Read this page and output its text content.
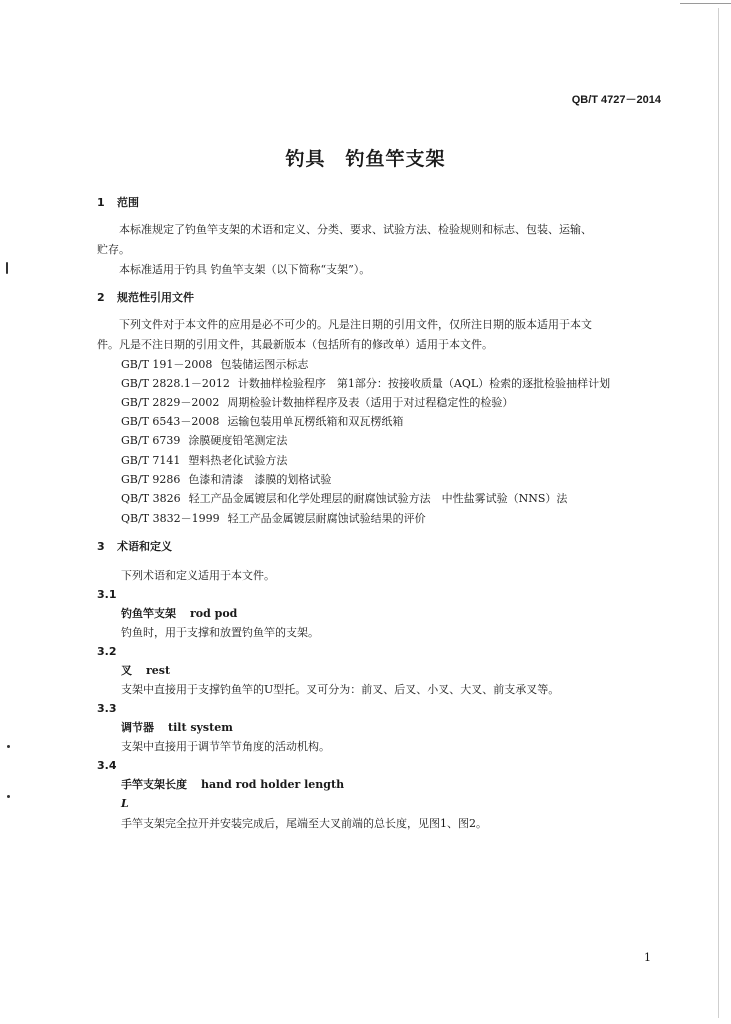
QB/T 4727－2014
钓具　钓鱼竿支架
1 范围
本标准规定了钓鱼竿支架的术语和定义、分类、要求、试验方法、检验规则和标志、包装、运输、
贮存。
本标准适用于钓具 钓鱼竿支架（以下简称“支架”）。
2 规范性引用文件
下列文件对于本文件的应用是必不可少的。凡是注日期的引用文件，仅所注日期的版本适用于本文
件。凡是不注日期的引用文件，其最新版本（包括所有的修改单）适用于本文件。
GB/T 191－2008 包装储运图示标志
GB/T 2828.1－2012 计数抽样检验程序　第1部分：按接收质量（AQL）检索的逐批检验抽样计划
GB/T 2829－2002 周期检验计数抽样程序及表（适用于对过程稳定性的检验）
GB/T 6543－2008 运输包装用单瓦楞纸箱和双瓦楞纸箱
GB/T 6739 涂膜硬度铅笔测定法
GB/T 7141 塑料热老化试验方法
GB/T 9286 色漆和清漆　漆膜的划格试验
QB/T 3826 轻工产品金属镀层和化学处理层的耐腐蚀试验方法　中性盐雾试验（NNS）法
QB/T 3832－1999 轻工产品金属镀层耐腐蚀试验结果的评价
3 术语和定义
下列术语和定义适用于本文件。
3.1
钓鱼竿支架 rod pod
钓鱼时，用于支撑和放置钓鱼竿的支架。
3.2
叉 rest
支架中直接用于支撑钓鱼竿的U型托。叉可分为：前叉、后叉、小叉、大叉、前支承叉等。
3.3
调节器 tilt system
支架中直接用于调节竿节角度的活动机构。
3.4
手竿支架长度 hand rod holder length
L
手竿支架完全拉开并安装完成后，尾端至大叉前端的总长度，见图1、图2。
1
